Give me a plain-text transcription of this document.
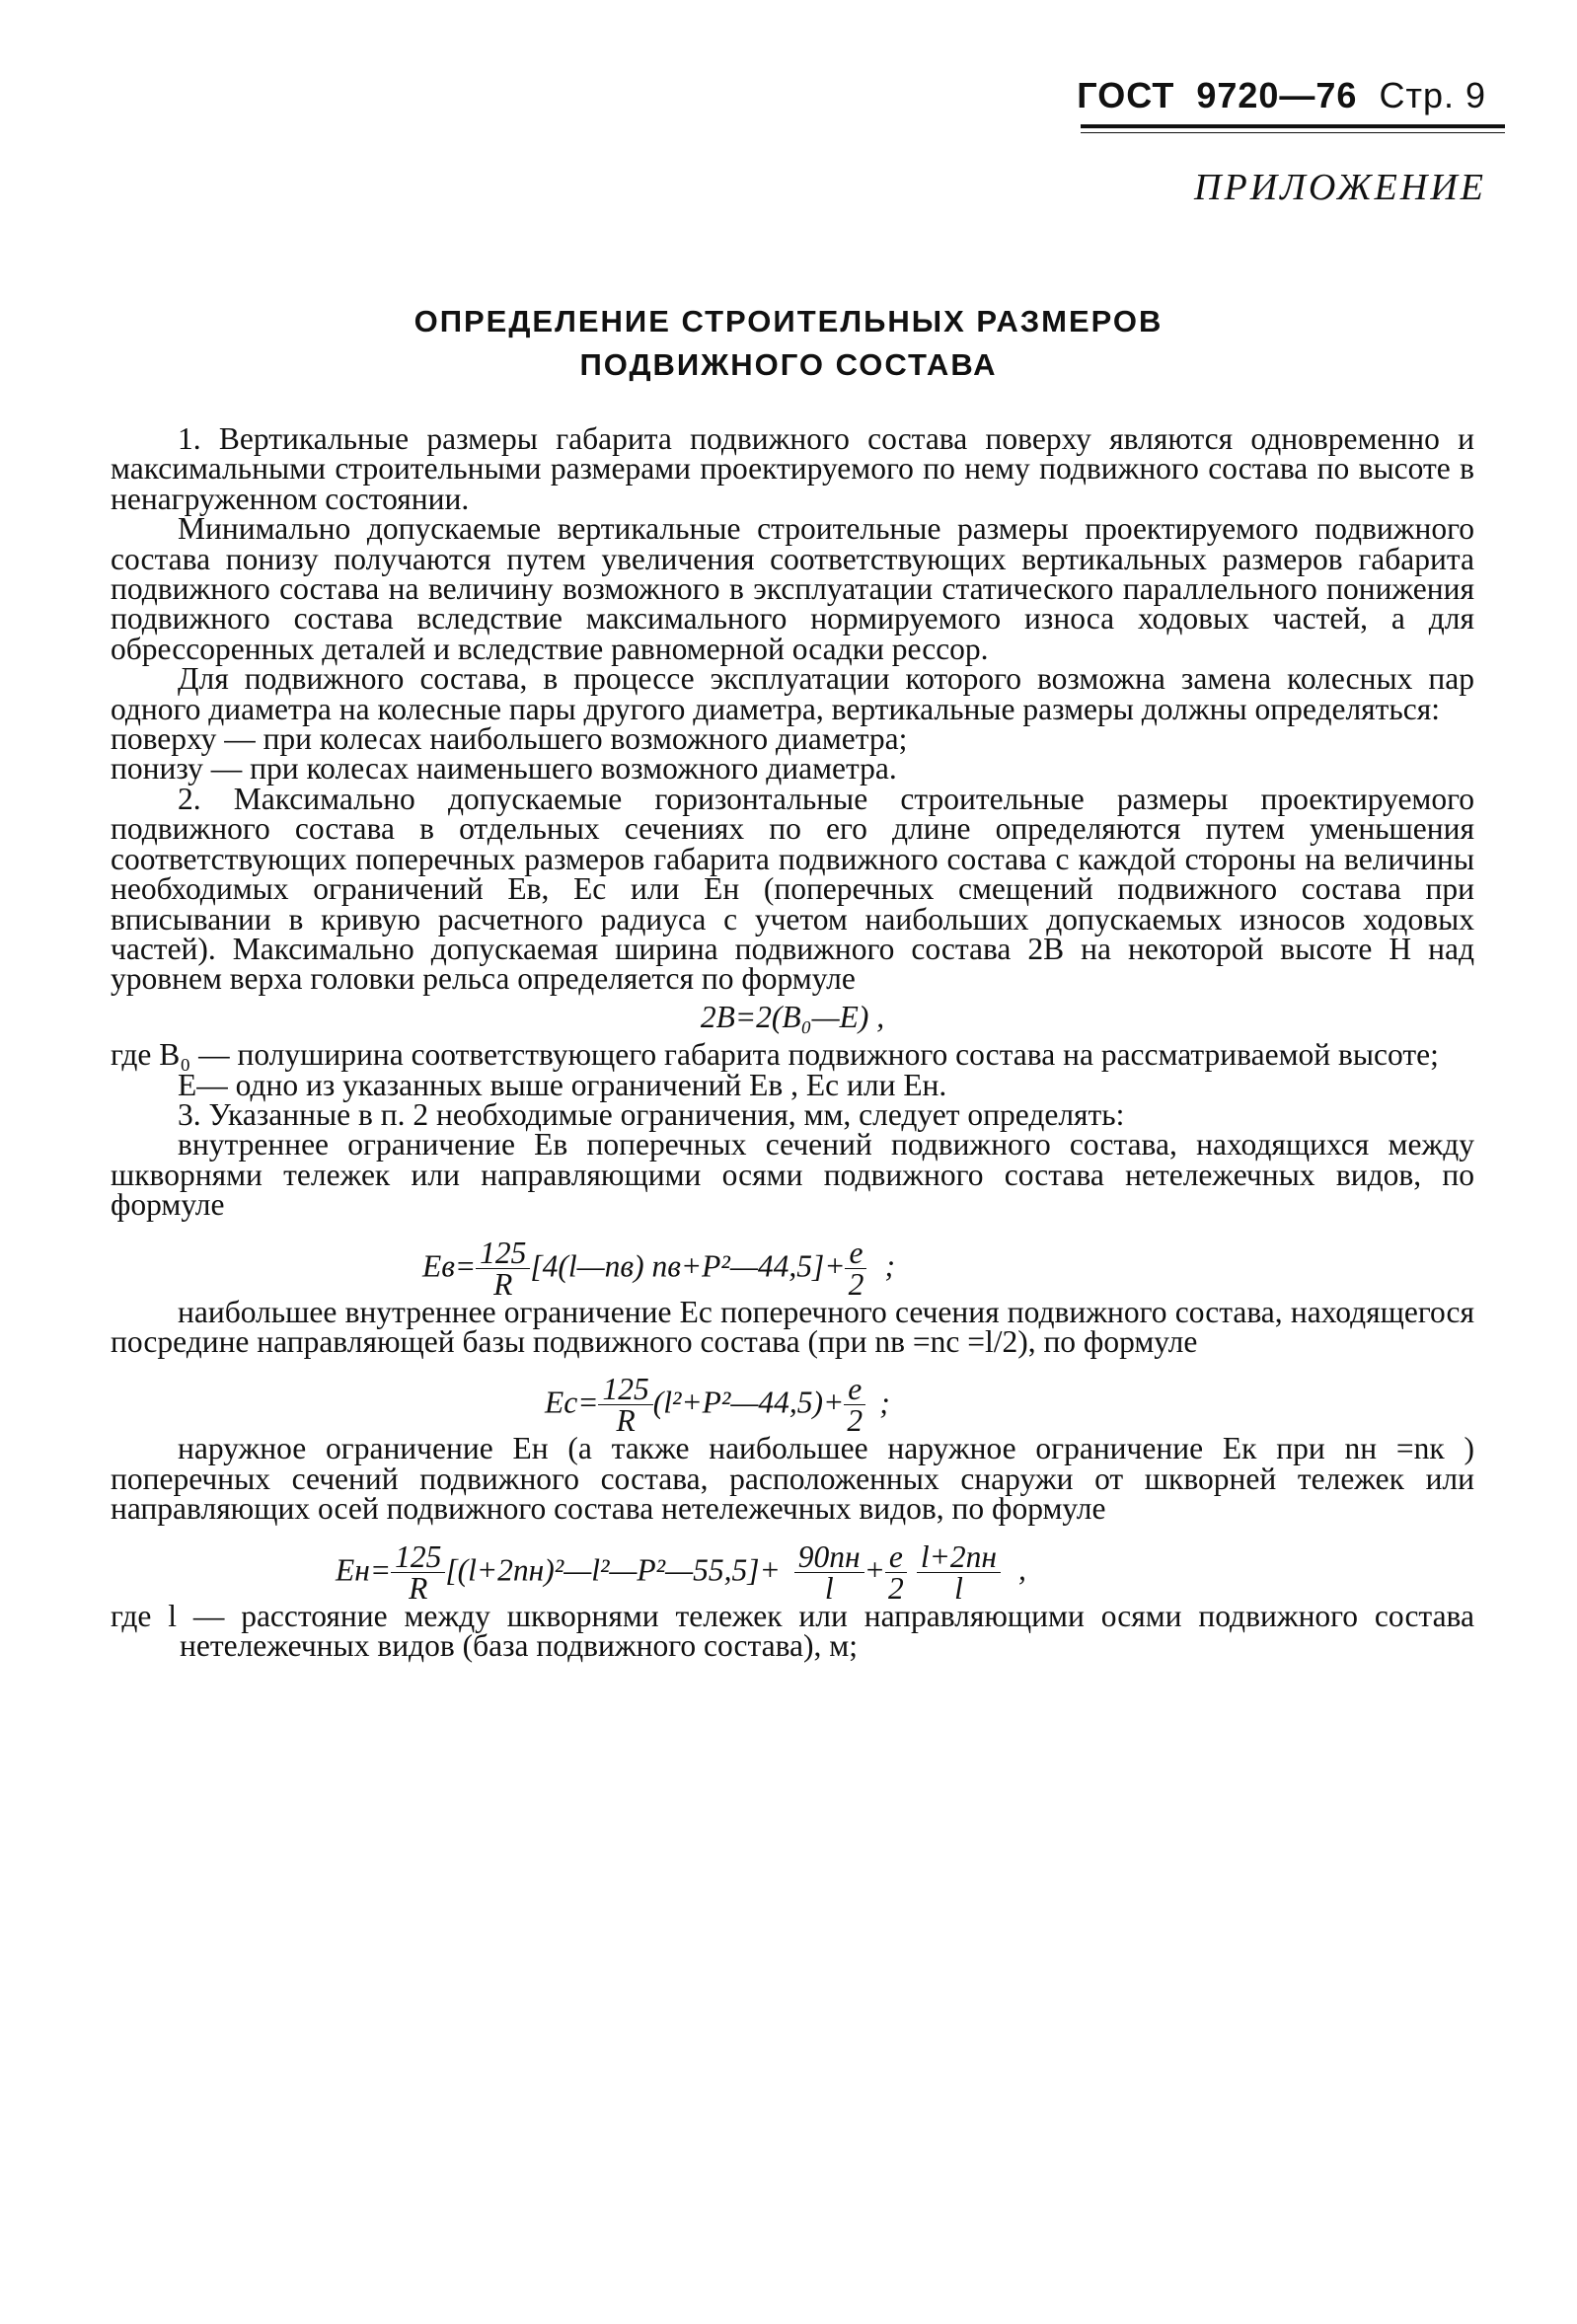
ГОСТ 9720—76 Стр. 9
ПРИЛОЖЕНИЕ
ОПРЕДЕЛЕНИЕ СТРОИТЕЛЬНЫХ РАЗМЕРОВ
ПОДВИЖНОГО СОСТАВА

1. Вертикальные размеры габарита подвижного состава поверху являются одновременно и максимальными строительными размерами проектируемого по нему подвижного состава по высоте в ненагруженном состоянии.

Минимально допускаемые вертикальные строительные размеры проектируемого подвижного состава понизу получаются путем увеличения соответствующих вертикальных размеров габарита подвижного состава на величину возможного в эксплуатации статического параллельного понижения подвижного состава вследствие максимального нормируемого износа ходовых частей, а для обрессоренных деталей и вследствие равномерной осадки рессор.

Для подвижного состава, в процессе эксплуатации которого возможна замена колесных пар одного диаметра на колесные пары другого диаметра, вертикальные размеры должны определяться:

поверху — при колесах наибольшего возможного диаметра;

понизу — при колесах наименьшего возможного диаметра.

2. Максимально допускаемые горизонтальные строительные размеры проектируемого подвижного состава в отдельных сечениях по его длине определяются путем уменьшения соответствующих поперечных размеров габарита подвижного состава с каждой стороны на величины необходимых ограничений Eв, Eс или Eн (поперечных смещений подвижного состава при вписывании в кривую расчетного радиуса с учетом наибольших допускаемых износов ходовых частей). Максимально допускаемая ширина подвижного состава 2B на некоторой высоте H над уровнем верха головки рельса определяется по формуле

2B=2(B₀—E) ,

где B₀ — полуширина соответствующего габарита подвижного состава на рассматриваемой высоте;

E— одно из указанных выше ограничений Eв , Eс или Eн.

3. Указанные в п. 2 необходимые ограничения, мм, следует определять:

внутреннее ограничение Eв поперечных сечений подвижного состава, находящихся между шкворнями тележек или направляющими осями подвижного состава нетележечных видов, по формуле

$Eв= \frac{125}{R}$ [4(l—nв) nв+P²—44,5]+ $\frac{e}{2}$ ;

наибольшее внутреннее ограничение Eс поперечного сечения подвижного состава, находящегося посредине направляющей базы подвижного состава (при nв =nс =l/2), по формуле

$Eс= \frac{125}{R}$ (l²+P²—44,5)+ $\frac{e}{2}$ ;

наружное ограничение Eн (а также наибольшее наружное ограничение Eк при nн =nк ) поперечных сечений подвижного состава, расположенных снаружи от шкворней тележек или направляющих осей подвижного состава нетележечных видов, по формуле

$Eн= \frac{125}{R}$ [(l+2nн)²—l²—P²—55,5]+ $\frac{90nн}{l} + \frac{e}{2} \frac{l+2nн}{l}$ ,

где l — расстояние между шкворнями тележек или направляющими осями подвижного состава нетележечных видов (база подвижного состава), м;
